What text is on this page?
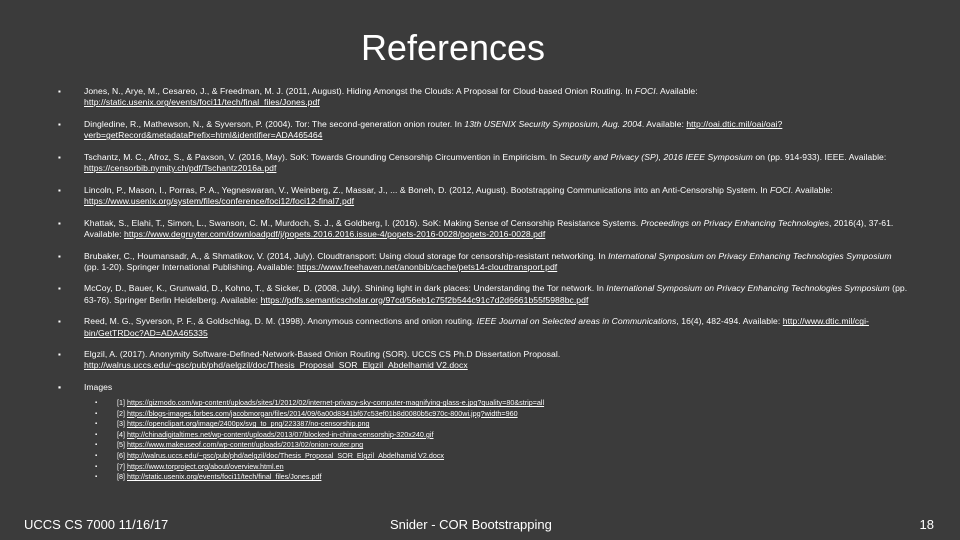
References
▪	Jones, N., Arye, M., Cesareo, J., & Freedman, M. J. (2011, August). Hiding Amongst the Clouds: A Proposal for Cloud-based Onion Routing. In FOCI. Available: http://static.usenix.org/events/foci11/tech/final_files/Jones.pdf
▪	Dingledine, R., Mathewson, N., & Syverson, P. (2004). Tor: The second-generation onion router. In 13th USENIX Security Symposium, Aug. 2004. Available: http://oai.dtic.mil/oai/oai?verb=getRecord&metadataPrefix=html&identifier=ADA465464
▪	Tschantz, M. C., Afroz, S., & Paxson, V. (2016, May). SoK: Towards Grounding Censorship Circumvention in Empiricism. In Security and Privacy (SP), 2016 IEEE Symposium on (pp. 914-933). IEEE. Available: https://censorbib.nymity.ch/pdf/Tschantz2016a.pdf
▪	Lincoln, P., Mason, I., Porras, P. A., Yegneswaran, V., Weinberg, Z., Massar, J., ... & Boneh, D. (2012, August). Bootstrapping Communications into an Anti-Censorship System. In FOCI. Available: https://www.usenix.org/system/files/conference/foci12/foci12-final7.pdf
▪	Khattak, S., Elahi, T., Simon, L., Swanson, C. M., Murdoch, S. J., & Goldberg, I. (2016). SoK: Making Sense of Censorship Resistance Systems. Proceedings on Privacy Enhancing Technologies, 2016(4), 37-61. Available: https://www.degruyter.com/downloadpdf/j/popets.2016.2016.issue-4/popets-2016-0028/popets-2016-0028.pdf
▪	Brubaker, C., Houmansadr, A., & Shmatikov, V. (2014, July). Cloudtransport: Using cloud storage for censorship-resistant networking. In International Symposium on Privacy Enhancing Technologies Symposium (pp. 1-20). Springer International Publishing. Available: https://www.freehaven.net/anonbib/cache/pets14-cloudtransport.pdf
▪	McCoy, D., Bauer, K., Grunwald, D., Kohno, T., & Sicker, D. (2008, July). Shining light in dark places: Understanding the Tor network. In International Symposium on Privacy Enhancing Technologies Symposium (pp. 63-76). Springer Berlin Heidelberg. Available: https://pdfs.semanticscholar.org/97cd/56eb1c75f2b544c91c7d2d6661b55f5988bc.pdf
▪	Reed, M. G., Syverson, P. F., & Goldschlag, D. M. (1998). Anonymous connections and onion routing. IEEE Journal on Selected areas in Communications, 16(4), 482-494. Available: http://www.dtic.mil/cgi-bin/GetTRDoc?AD=ADA465335
▪	Elgzil, A. (2017). Anonymity Software-Defined-Network-Based Onion Routing (SOR). UCCS CS Ph.D Dissertation Proposal.
http://walrus.uccs.edu/~gsc/pub/phd/aelgzil/doc/Thesis_Proposal_SOR_Elgzil_Abdelhamid V2.docx
▪	Images
▪	[1] https://gizmodo.com/wp-content/uploads/sites/1/2012/02/internet-privacy-sky-computer-magnifying-glass-e.jpg?quality=80&strip=all
▪	[2] https://blogs-images.forbes.com/jacobmorgan/files/2014/09/6a00d8341bf67c53ef01b8d0080b5c970c-800wi.jpg?width=960
▪	[3] https://openclipart.org/image/2400px/svg_to_png/223387/no-censorship.png
▪	[4] http://chinadigitaltimes.net/wp-content/uploads/2013/07/blocked-in-china-censorship-320x240.gif
▪	[5] https://www.makeuseof.com/wp-content/uploads/2013/02/onion-router.png
▪	[6] http://walrus.uccs.edu/~gsc/pub/phd/aelgzil/doc/Thesis_Proposal_SOR_Elgzil_Abdelhamid V2.docx
▪	[7] https://www.torproject.org/about/overview.html.en
▪	[8] http://static.usenix.org/events/foci11/tech/final_files/Jones.pdf
UCCS CS 7000 11/16/17	Snider - COR Bootstrapping	18
